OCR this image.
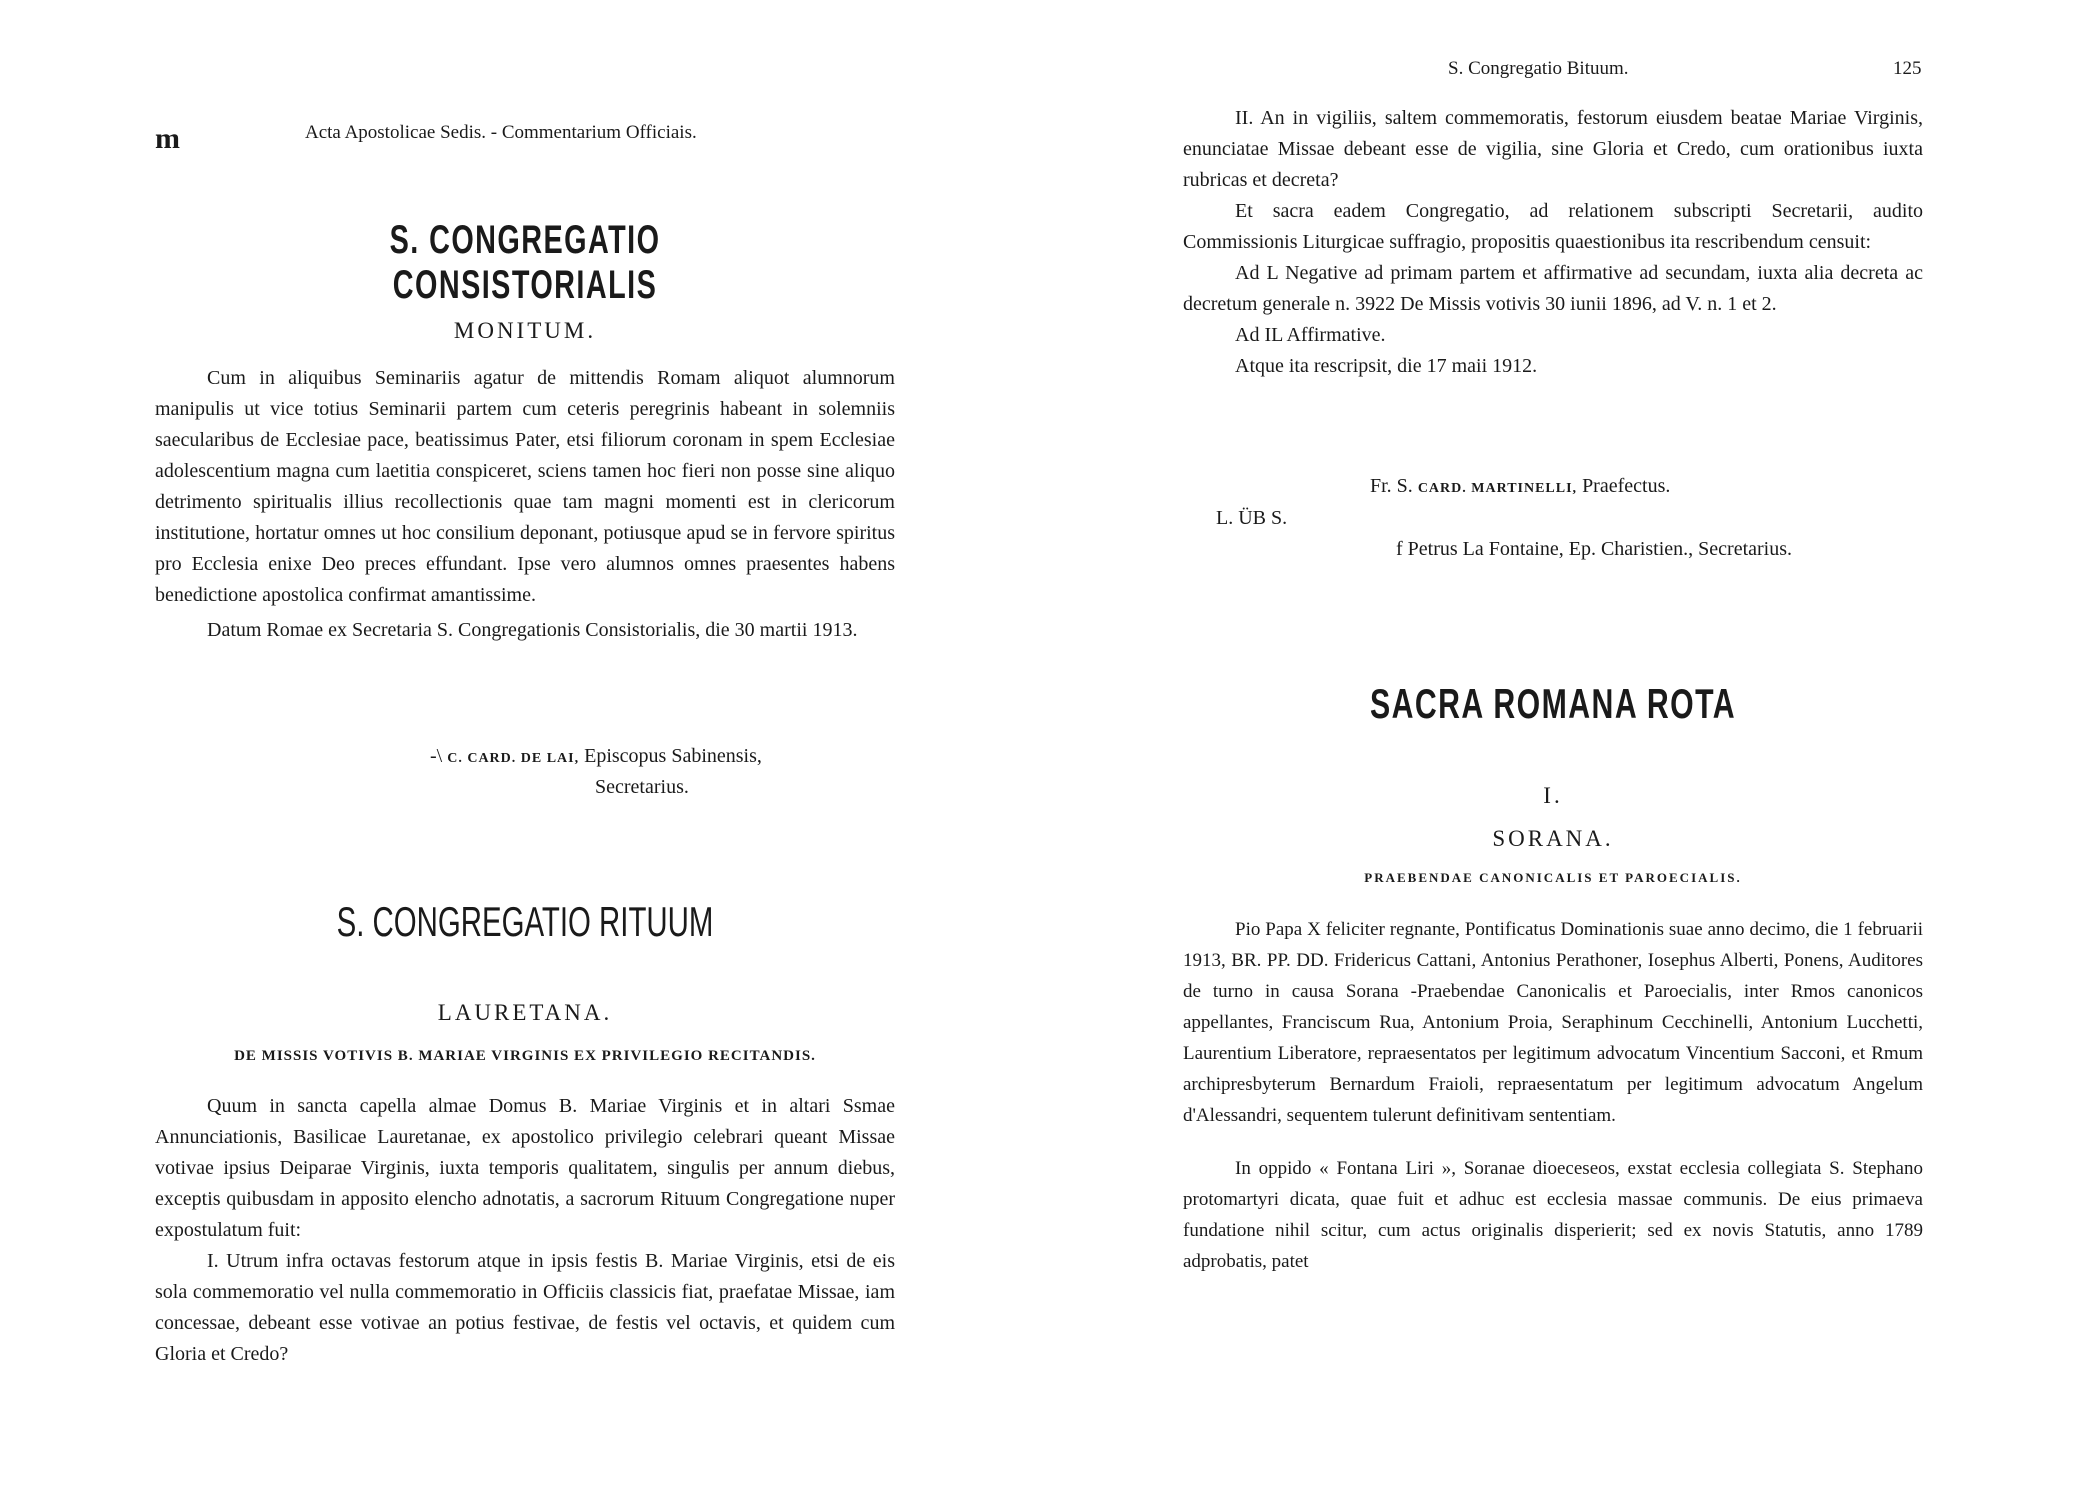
m	Acta Apostolicae Sedis. - Commentarium Officiais.
S. CONGREGATIO CONSISTORIALIS
MONITUM.

Cum in aliquibus Seminariis agatur de mittendis Romam aliquot alumnorum manipulis ut vice totius Seminarii partem cum ceteris peregrinis habeant in solemniis saecularibus de Ecclesiae pace, beatissimus Pater, etsi filiorum coronam in spem Ecclesiae adolescentium magna cum laetitia conspiceret, sciens tamen hoc fieri non posse sine aliquo detrimento spiritualis illius recollectionis quae tam magni momenti est in clericorum institutione, hortatur omnes ut hoc consilium deponant, potiusque apud se in fervore spiritus pro Ecclesia enixe Deo preces effundant. Ipse vero alumnos omnes praesentes habens benedictione apostolica confirmat amantissime.

Datum Romae ex Secretaria S. Congregationis Consistorialis, die 30 martii 1913.

-\ C. CARD. DE LAI, Episcopus Sabinensis,
Secretarius.
S. CONGREGATIO RITUUM
LAURETANA.
DE MISSIS VOTIVIS B. MARIAE VIRGINIS EX PRIVILEGIO RECITANDIS.

Quum in sancta capella almae Domus B. Mariae Virginis et in altari Ssmae Annunciationis, Basilicae Lauretanae, ex apostolico privilegio celebrari queant Missae votivae ipsius Deiparae Virginis, iuxta temporis qualitatem, singulis per annum diebus, exceptis quibusdam in apposito elencho adnotatis, a sacrorum Rituum Congregatione nuper expostulatum fuit:

I. Utrum infra octavas festorum atque in ipsis festis B. Mariae Virginis, etsi de eis sola commemoratio vel nulla commemoratio in Officiis classicis fiat, praefatae Missae, iam concessae, debeant esse votivae an potius festivae, de festis vel octavis, et quidem cum Gloria et Credo?

S. Congregatio Bituum.	125

II. An in vigiliis, saltem commemoratis, festorum eiusdem beatae Mariae Virginis, enunciatae Missae debeant esse de vigilia, sine Gloria et Credo, cum orationibus iuxta rubricas et decreta?

Et sacra eadem Congregatio, ad relationem subscripti Secretarii, audito Commissionis Liturgicae suffragio, propositis quaestionibus ita rescribendum censuit:

Ad L Negative ad primam partem et affirmative ad secundam, iuxta alia decreta ac decretum generale n. 3922 De Missis votivis 30 iunii 1896, ad V. n. 1 et 2.

Ad IL Affirmative.

Atque ita rescripsit, die 17 maii 1912.

Fr. S. CARD. MARTINELLI, Praefectus.
L. ÜB S.
f Petrus La Fontaine, Ep. Charistien., Secretarius.
SACRA ROMANA ROTA
I.
SORANA.
PRAEBENDAE CANONICALIS ET PAROECIALIS.

Pio Papa X feliciter regnante, Pontificatus Dominationis suae anno decimo, die 1 februarii 1913, BR. PP. DD. Fridericus Cattani, Antonius Perathoner, Iosephus Alberti, Ponens, Auditores de turno in causa Sorana -Praebendae Canonicalis et Paroecialis, inter Rmos canonicos appellantes, Franciscum Rua, Antonium Proia, Seraphinum Cecchinelli, Antonium Lucchetti, Laurentium Liberatore, repraesentatos per legitimum advocatum Vincentium Sacconi, et Rmum archipresbyterum Bernardum Fraioli, repraesentatum per legitimum advocatum Angelum d'Alessandri, sequentem tulerunt definitivam sententiam.

In oppido « Fontana Liri », Soranae dioeceseos, exstat ecclesia collegiata S. Stephano protomartyri dicata, quae fuit et adhuc est ecclesia massae communis. De eius primaeva fundatione nihil scitur, cum actus originalis disperierit; sed ex novis Statutis, anno 1789 adprobatis, patet
